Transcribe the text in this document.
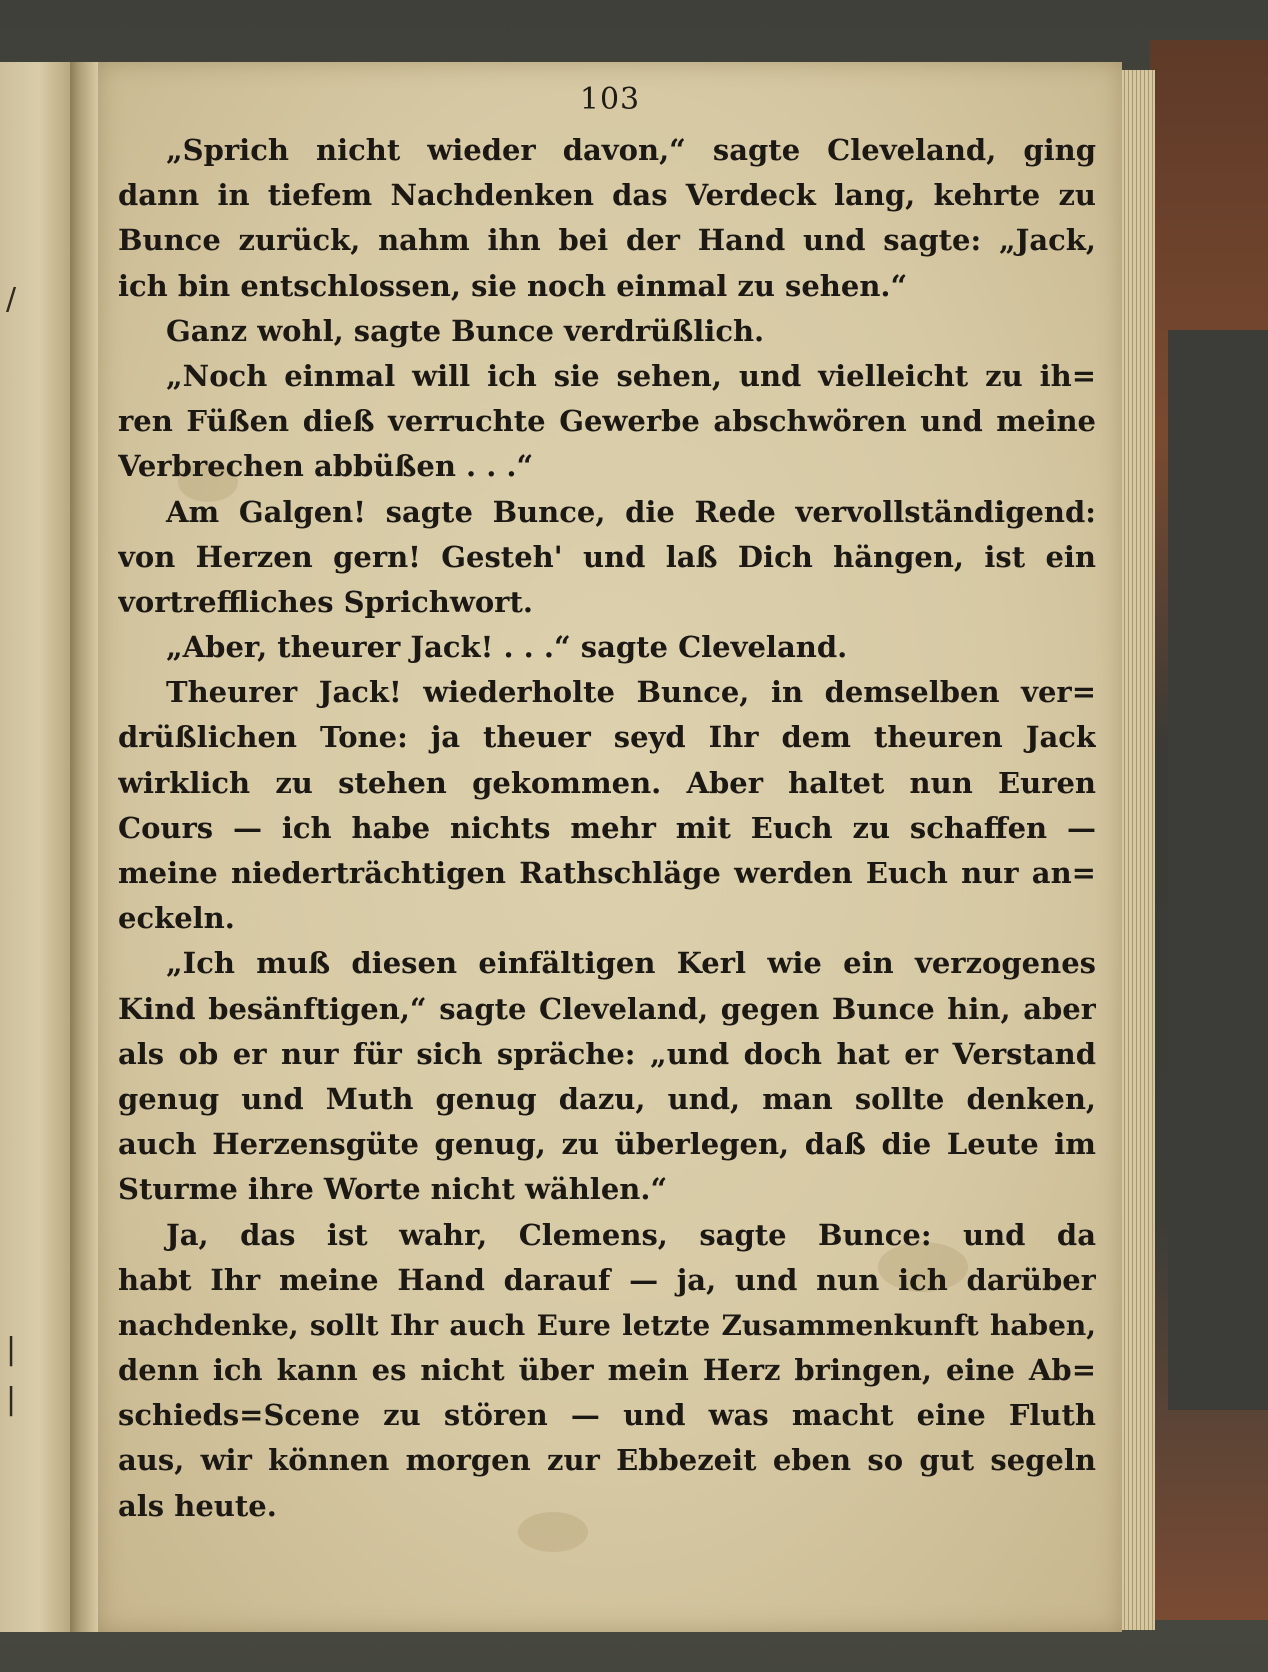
/
|
|
103
„Sprich nicht wieder davon,“ sagte Cleveland, ging
dann in tiefem Nachdenken das Verdeck lang, kehrte zu
Bunce zurück, nahm ihn bei der Hand und sagte: „Jack,
ich bin entschlossen, sie noch einmal zu sehen.“
Ganz wohl, sagte Bunce verdrüßlich.
„Noch einmal will ich sie sehen, und vielleicht zu ih=
ren Füßen dieß verruchte Gewerbe abschwören und meine
Verbrechen abbüßen . . .“
Am Galgen! sagte Bunce, die Rede vervollständigend:
von Herzen gern! Gesteh' und laß Dich hängen, ist ein
vortreffliches Sprichwort.
„Aber, theurer Jack! . . .“ sagte Cleveland.
Theurer Jack! wiederholte Bunce, in demselben ver=
drüßlichen Tone: ja theuer seyd Ihr dem theuren Jack
wirklich zu stehen gekommen. Aber haltet nun Euren
Cours — ich habe nichts mehr mit Euch zu schaffen —
meine niederträchtigen Rathschläge werden Euch nur an=
eckeln.
„Ich muß diesen einfältigen Kerl wie ein verzogenes
Kind besänftigen,“ sagte Cleveland, gegen Bunce hin, aber
als ob er nur für sich spräche: „und doch hat er Verstand
genug und Muth genug dazu, und, man sollte denken,
auch Herzensgüte genug, zu überlegen, daß die Leute im
Sturme ihre Worte nicht wählen.“
Ja, das ist wahr, Clemens, sagte Bunce: und da
habt Ihr meine Hand darauf — ja, und nun ich darüber
nachdenke, sollt Ihr auch Eure letzte Zusammenkunft haben,
denn ich kann es nicht über mein Herz bringen, eine Ab=
schieds=Scene zu stören — und was macht eine Fluth
aus, wir können morgen zur Ebbezeit eben so gut segeln
als heute.
